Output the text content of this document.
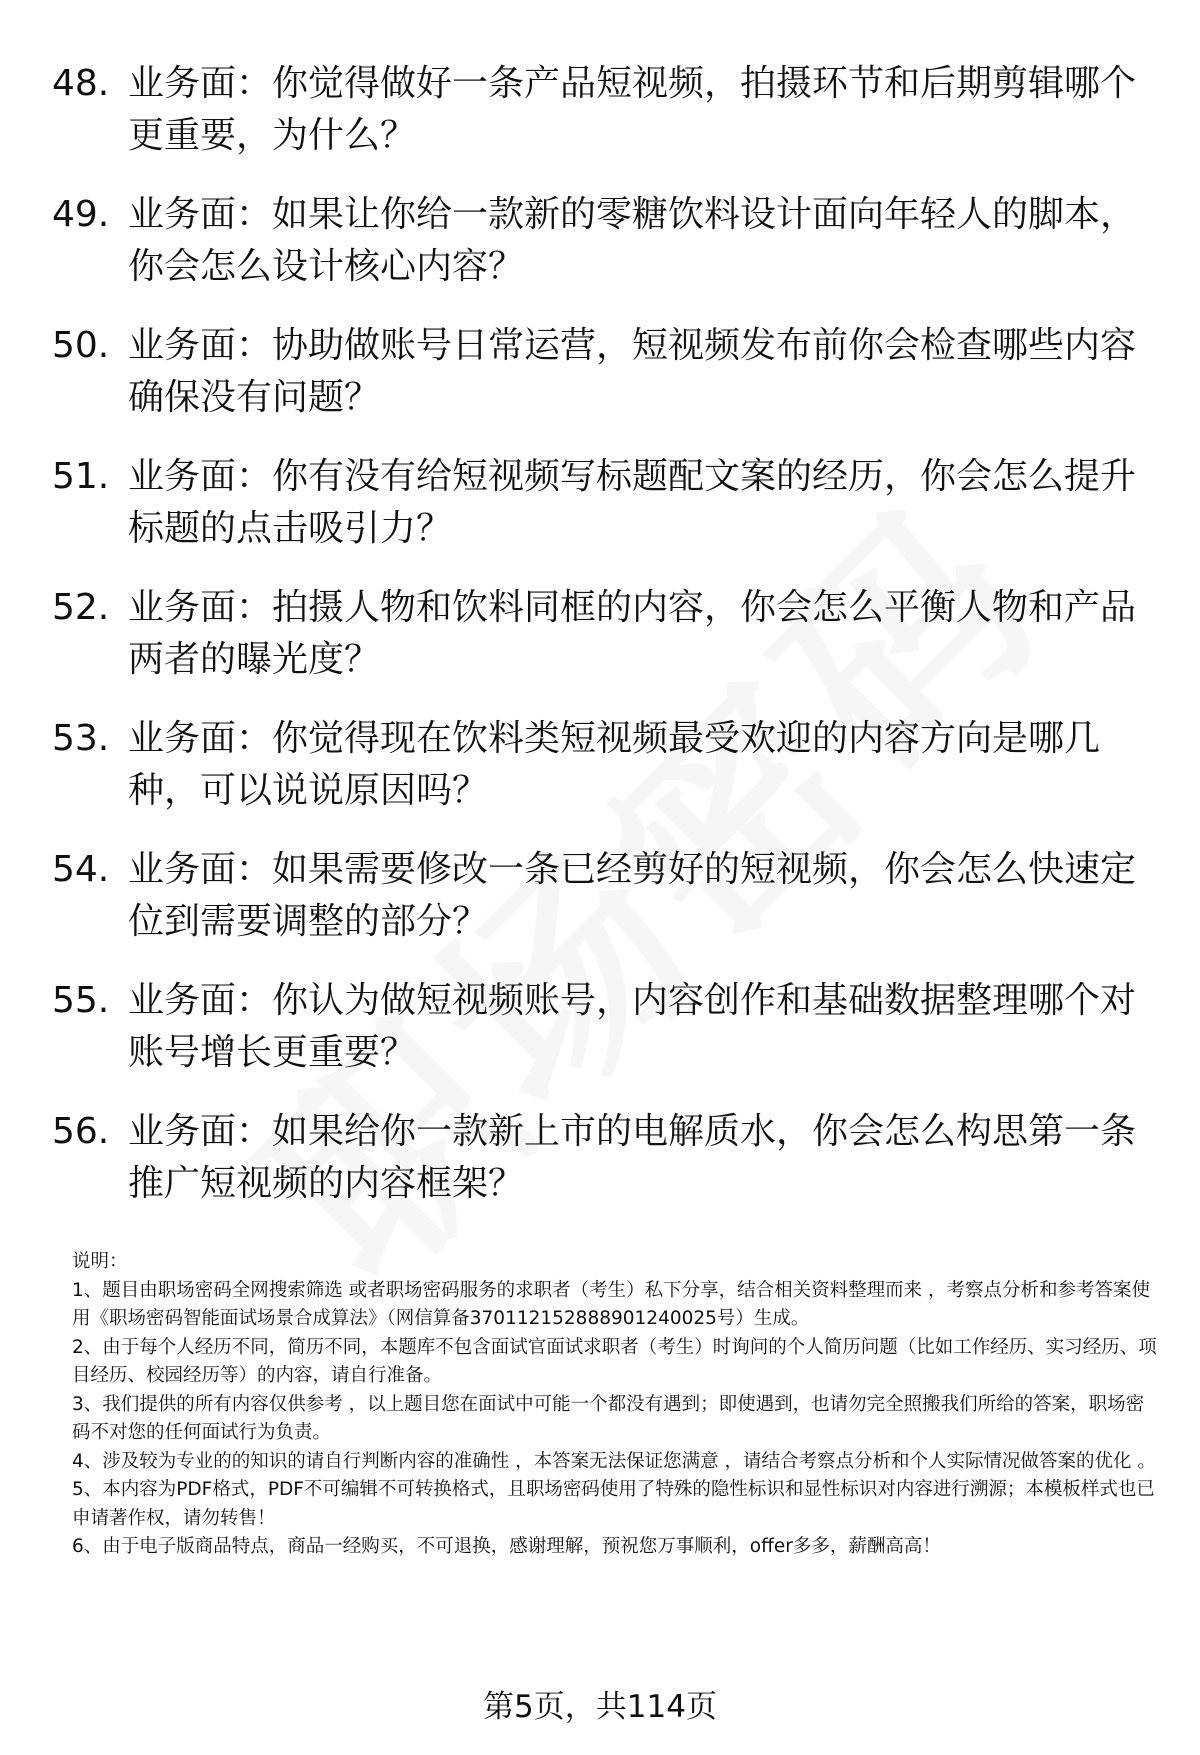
48. 业务面：你觉得做好一条产品短视频，拍摄环节和后期剪辑哪个更重要，为什么？
49. 业务面：如果让你给一款新的零糖饮料设计面向年轻人的脚本，你会怎么设计核心内容？
50. 业务面：协助做账号日常运营，短视频发布前你会检查哪些内容确保没有问题？
51. 业务面：你有没有给短视频写标题配文案的经历，你会怎么提升标题的点击吸引力？
52. 业务面：拍摄人物和饮料同框的内容，你会怎么平衡人物和产品两者的曝光度？
53. 业务面：你觉得现在饮料类短视频最受欢迎的内容方向是哪几种，可以说说原因吗？
54. 业务面：如果需要修改一条已经剪好的短视频，你会怎么快速定位到需要调整的部分？
55. 业务面：你认为做短视频账号，内容创作和基础数据整理哪个对账号增长更重要？
56. 业务面：如果给你一款新上市的电解质水，你会怎么构思第一条推广短视频的内容框架？

说明：

1、题目由职场密码全网搜索筛选 或者职场密码服务的求职者（考生）私下分享，结合相关资料整理而来 ，考察点分析和参考答案使用《职场密码智能面试场景合成算法》（网信算备370112152888901240025号）生成。

2、由于每个人经历不同，简历不同，本题库不包含面试官面试求职者（考生）时询问的个人简历问题（比如工作经历、实习经历、项目经历、校园经历等）的内容，请自行准备。

3、我们提供的所有内容仅供参考 ，以上题目您在面试中可能一个都没有遇到；即使遇到，也请勿完全照搬我们所给的答案，职场密码不对您的任何面试行为负责。

4、涉及较为专业的的知识的请自行判断内容的准确性 ，本答案无法保证您满意 ，请结合考察点分析和个人实际情况做答案的优化 。

5、本内容为PDF格式，PDF不可编辑不可转换格式，且职场密码使用了特殊的隐性标识和显性标识对内容进行溯源；本模板样式也已申请著作权，请勿转售！

6、由于电子版商品特点，商品一经购买，不可退换，感谢理解，预祝您万事顺利，offer多多，薪酬高高！

第5页，共114页
